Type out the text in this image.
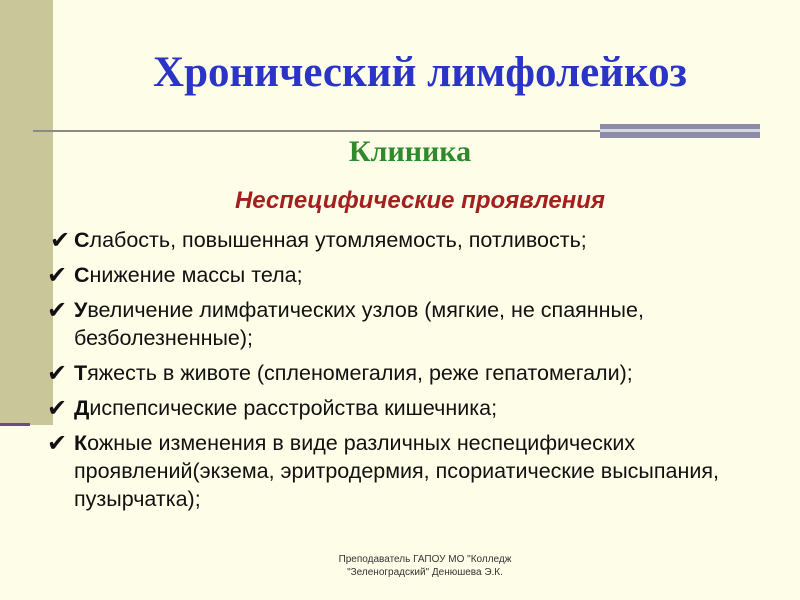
Хронический лимфолейкоз
Клиника
Неспецифические проявления
✔ Слабость, повышенная утомляемость, потливость;
✔ Снижение массы тела;
✔ Увеличение лимфатических узлов (мягкие, не спаянные, безболезненные);
✔ Тяжесть в животе (спленомегалия, реже гепатомегали);
✔ Диспепсические расстройства кишечника;
✔ Кожные изменения в виде различных неспецифических проявлений(экзема, эритродермия, псориатические высыпания, пузырчатка);
Преподаватель ГАПОУ МО "Колледж
"Зеленоградский" Денюшева Э.К.
